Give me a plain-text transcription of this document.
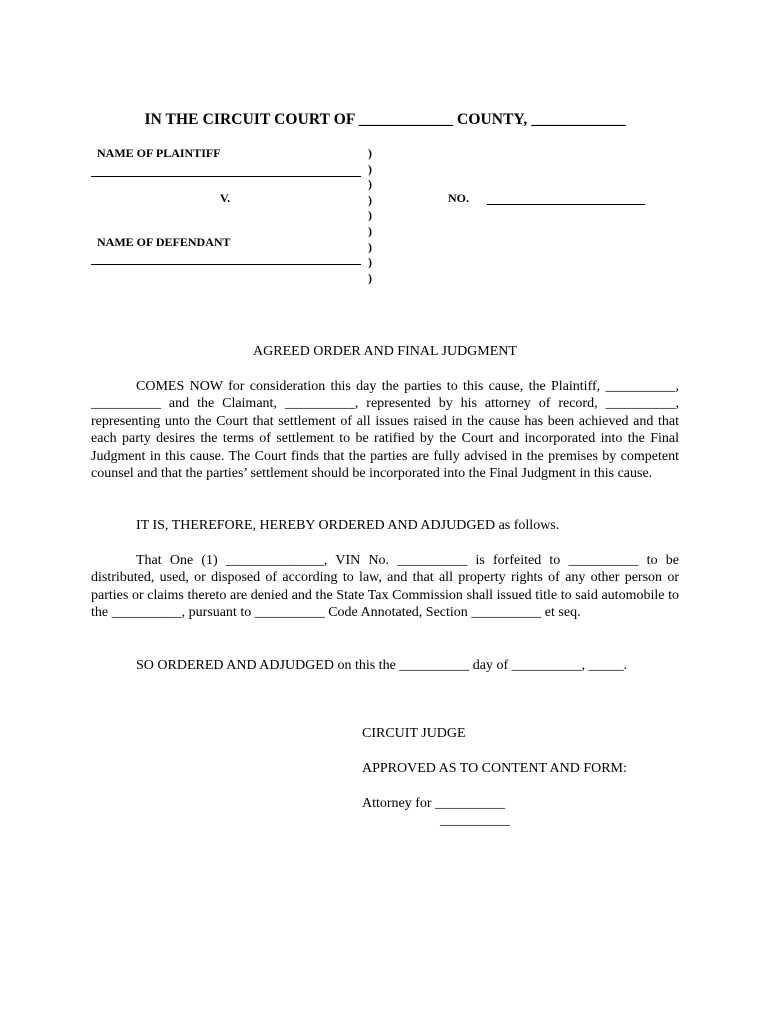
IN THE CIRCUIT COURT OF ____________ COUNTY, ____________
NAME OF PLAINTIFF
V.
NAME OF DEFENDANT
)
)
)
)
)
)
)
)
)
NO.
AGREED ORDER AND FINAL JUDGMENT

COMES NOW for consideration this day the parties to this cause, the Plaintiff, __________, __________ and the Claimant, __________, represented by his attorney of record, __________, representing unto the Court that settlement of all issues raised in the cause has been achieved and that each party desires the terms of settlement to be ratified by the Court and incorporated into the Final Judgment in this cause. The Court finds that the parties are fully advised in the premises by competent counsel and that the parties’ settlement should be incorporated into the Final Judgment in this cause.

IT IS, THEREFORE, HEREBY ORDERED AND ADJUDGED as follows.

That One (1) ______________, VIN No. __________ is forfeited to __________ to be distributed, used, or disposed of according to law, and that all property rights of any other person or parties or claims thereto are denied and the State Tax Commission shall issued title to said automobile to the __________, pursuant to __________ Code Annotated, Section __________ et seq.

SO ORDERED AND ADJUDGED on this the __________ day of __________, _____.

CIRCUIT JUDGE
APPROVED AS TO CONTENT AND FORM:
Attorney for __________
__________
